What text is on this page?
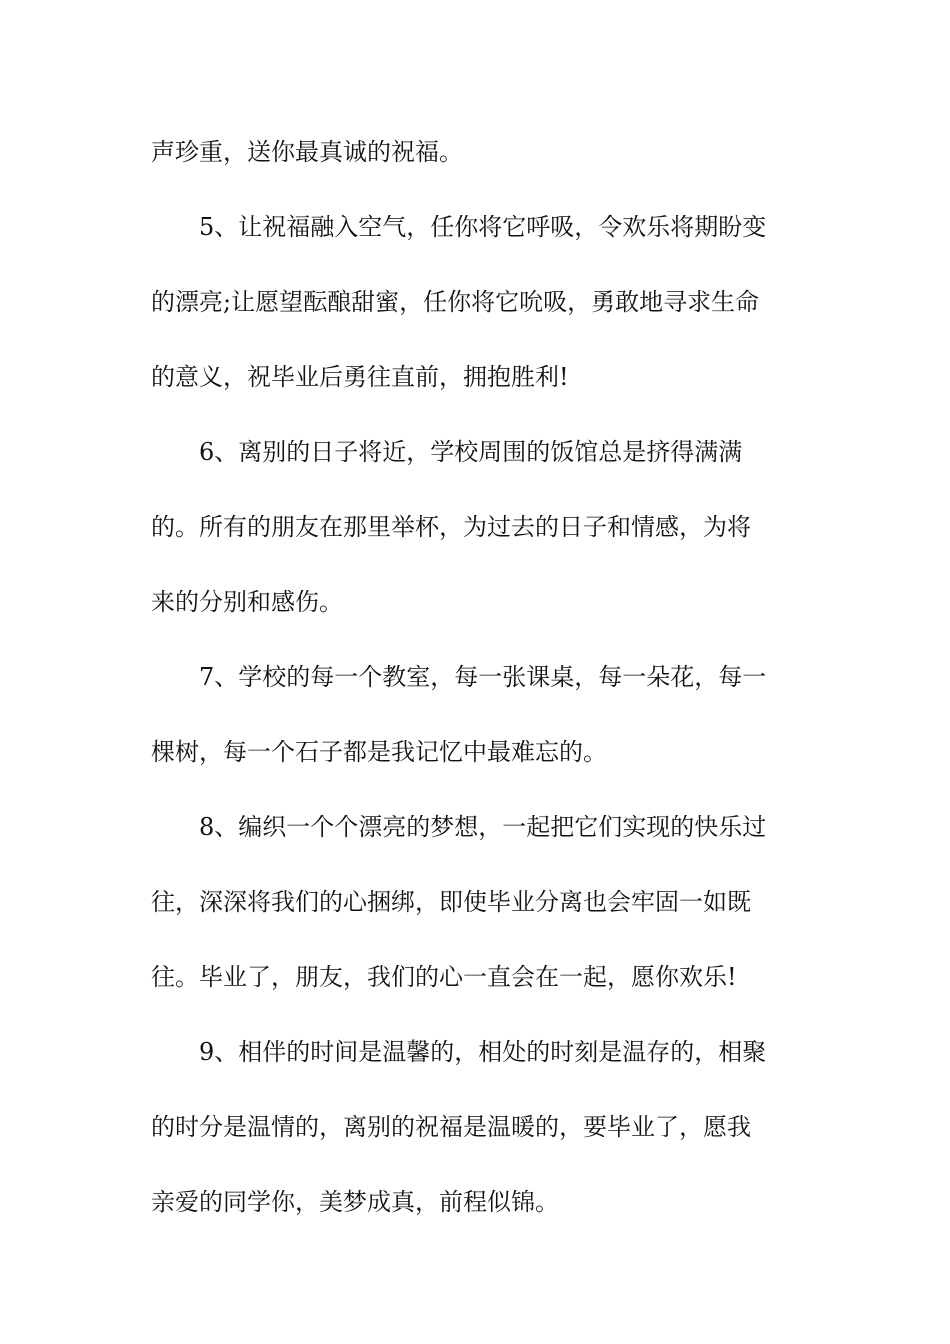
声珍重，送你最真诚的祝福。
5、让祝福融入空气，任你将它呼吸，令欢乐将期盼变
的漂亮;让愿望酝酿甜蜜，任你将它吮吸，勇敢地寻求生命
的意义，祝毕业后勇往直前，拥抱胜利!
6、离别的日子将近，学校周围的饭馆总是挤得满满
的。所有的朋友在那里举杯，为过去的日子和情感，为将
来的分别和感伤。
7、学校的每一个教室，每一张课桌，每一朵花，每一
棵树，每一个石子都是我记忆中最难忘的。
8、编织一个个漂亮的梦想，一起把它们实现的快乐过
往，深深将我们的心捆绑，即使毕业分离也会牢固一如既
往。毕业了，朋友，我们的心一直会在一起，愿你欢乐!
9、相伴的时间是温馨的，相处的时刻是温存的，相聚
的时分是温情的，离别的祝福是温暖的，要毕业了，愿我
亲爱的同学你，美梦成真，前程似锦。
